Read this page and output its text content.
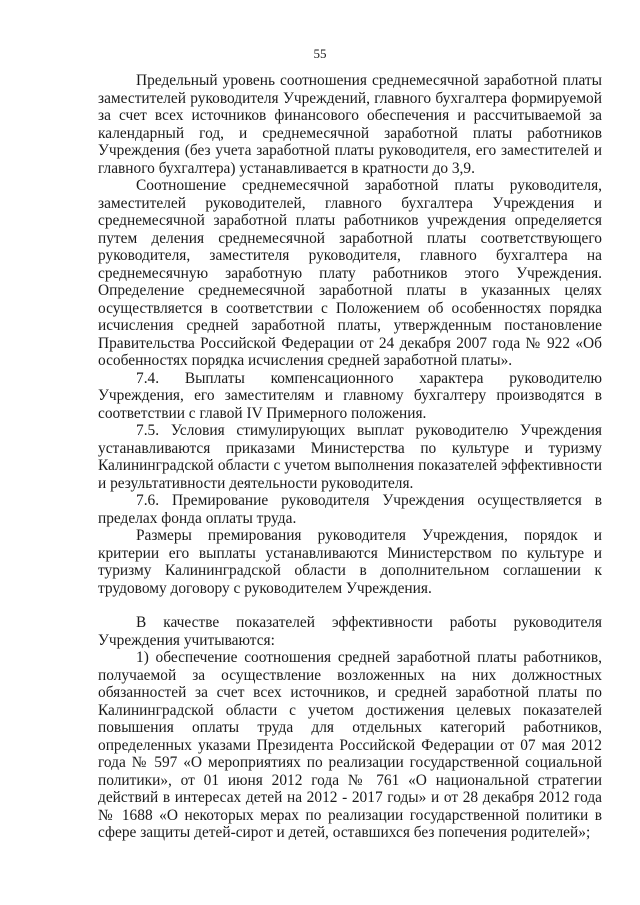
55

Предельный уровень соотношения среднемесячной заработной платы заместителей руководителя Учреждений, главного бухгалтера формируемой за счет всех источников финансового обеспечения и рассчитываемой за календарный год, и среднемесячной заработной платы работников Учреждения (без учета заработной платы руководителя, его заместителей и главного бухгалтера) устанавливается в кратности до 3,9.

Соотношение среднемесячной заработной платы руководителя, заместителей руководителей, главного бухгалтера Учреждения и среднемесячной заработной платы работников учреждения определяется путем деления среднемесячной заработной платы соответствующего руководителя, заместителя руководителя, главного бухгалтера на среднемесячную заработную плату работников этого Учреждения. Определение среднемесячной заработной платы в указанных целях осуществляется в соответствии с Положением об особенностях порядка исчисления средней заработной платы, утвержденным постановление Правительства Российской Федерации от 24 декабря 2007 года № 922 «Об особенностях порядка исчисления средней заработной платы».

7.4. Выплаты компенсационного характера руководителю Учреждения, его заместителям и главному бухгалтеру производятся в соответствии с главой IV Примерного положения.

7.5. Условия стимулирующих выплат руководителю Учреждения устанавливаются приказами Министерства по культуре и туризму Калининградской области с учетом выполнения показателей эффективности и результативности деятельности руководителя.

7.6. Премирование руководителя Учреждения осуществляется в пределах фонда оплаты труда.

Размеры премирования руководителя Учреждения, порядок и критерии его выплаты устанавливаются Министерством по культуре и туризму Калининградской области в дополнительном соглашении к трудовому договору с руководителем Учреждения.

В качестве показателей эффективности работы руководителя Учреждения учитываются:

1) обеспечение соотношения средней заработной платы работников, получаемой за осуществление возложенных на них должностных обязанностей за счет всех источников, и средней заработной платы по Калининградской области с учетом достижения целевых показателей повышения оплаты труда для отдельных категорий работников, определенных указами Президента Российской Федерации от 07 мая 2012 года № 597 «О мероприятиях по реализации государственной социальной политики», от 01 июня 2012 года № 761 «О национальной стратегии действий в интересах детей на 2012 - 2017 годы» и от 28 декабря 2012 года № 1688 «О некоторых мерах по реализации государственной политики в сфере защиты детей-сирот и детей, оставшихся без попечения родителей»;
